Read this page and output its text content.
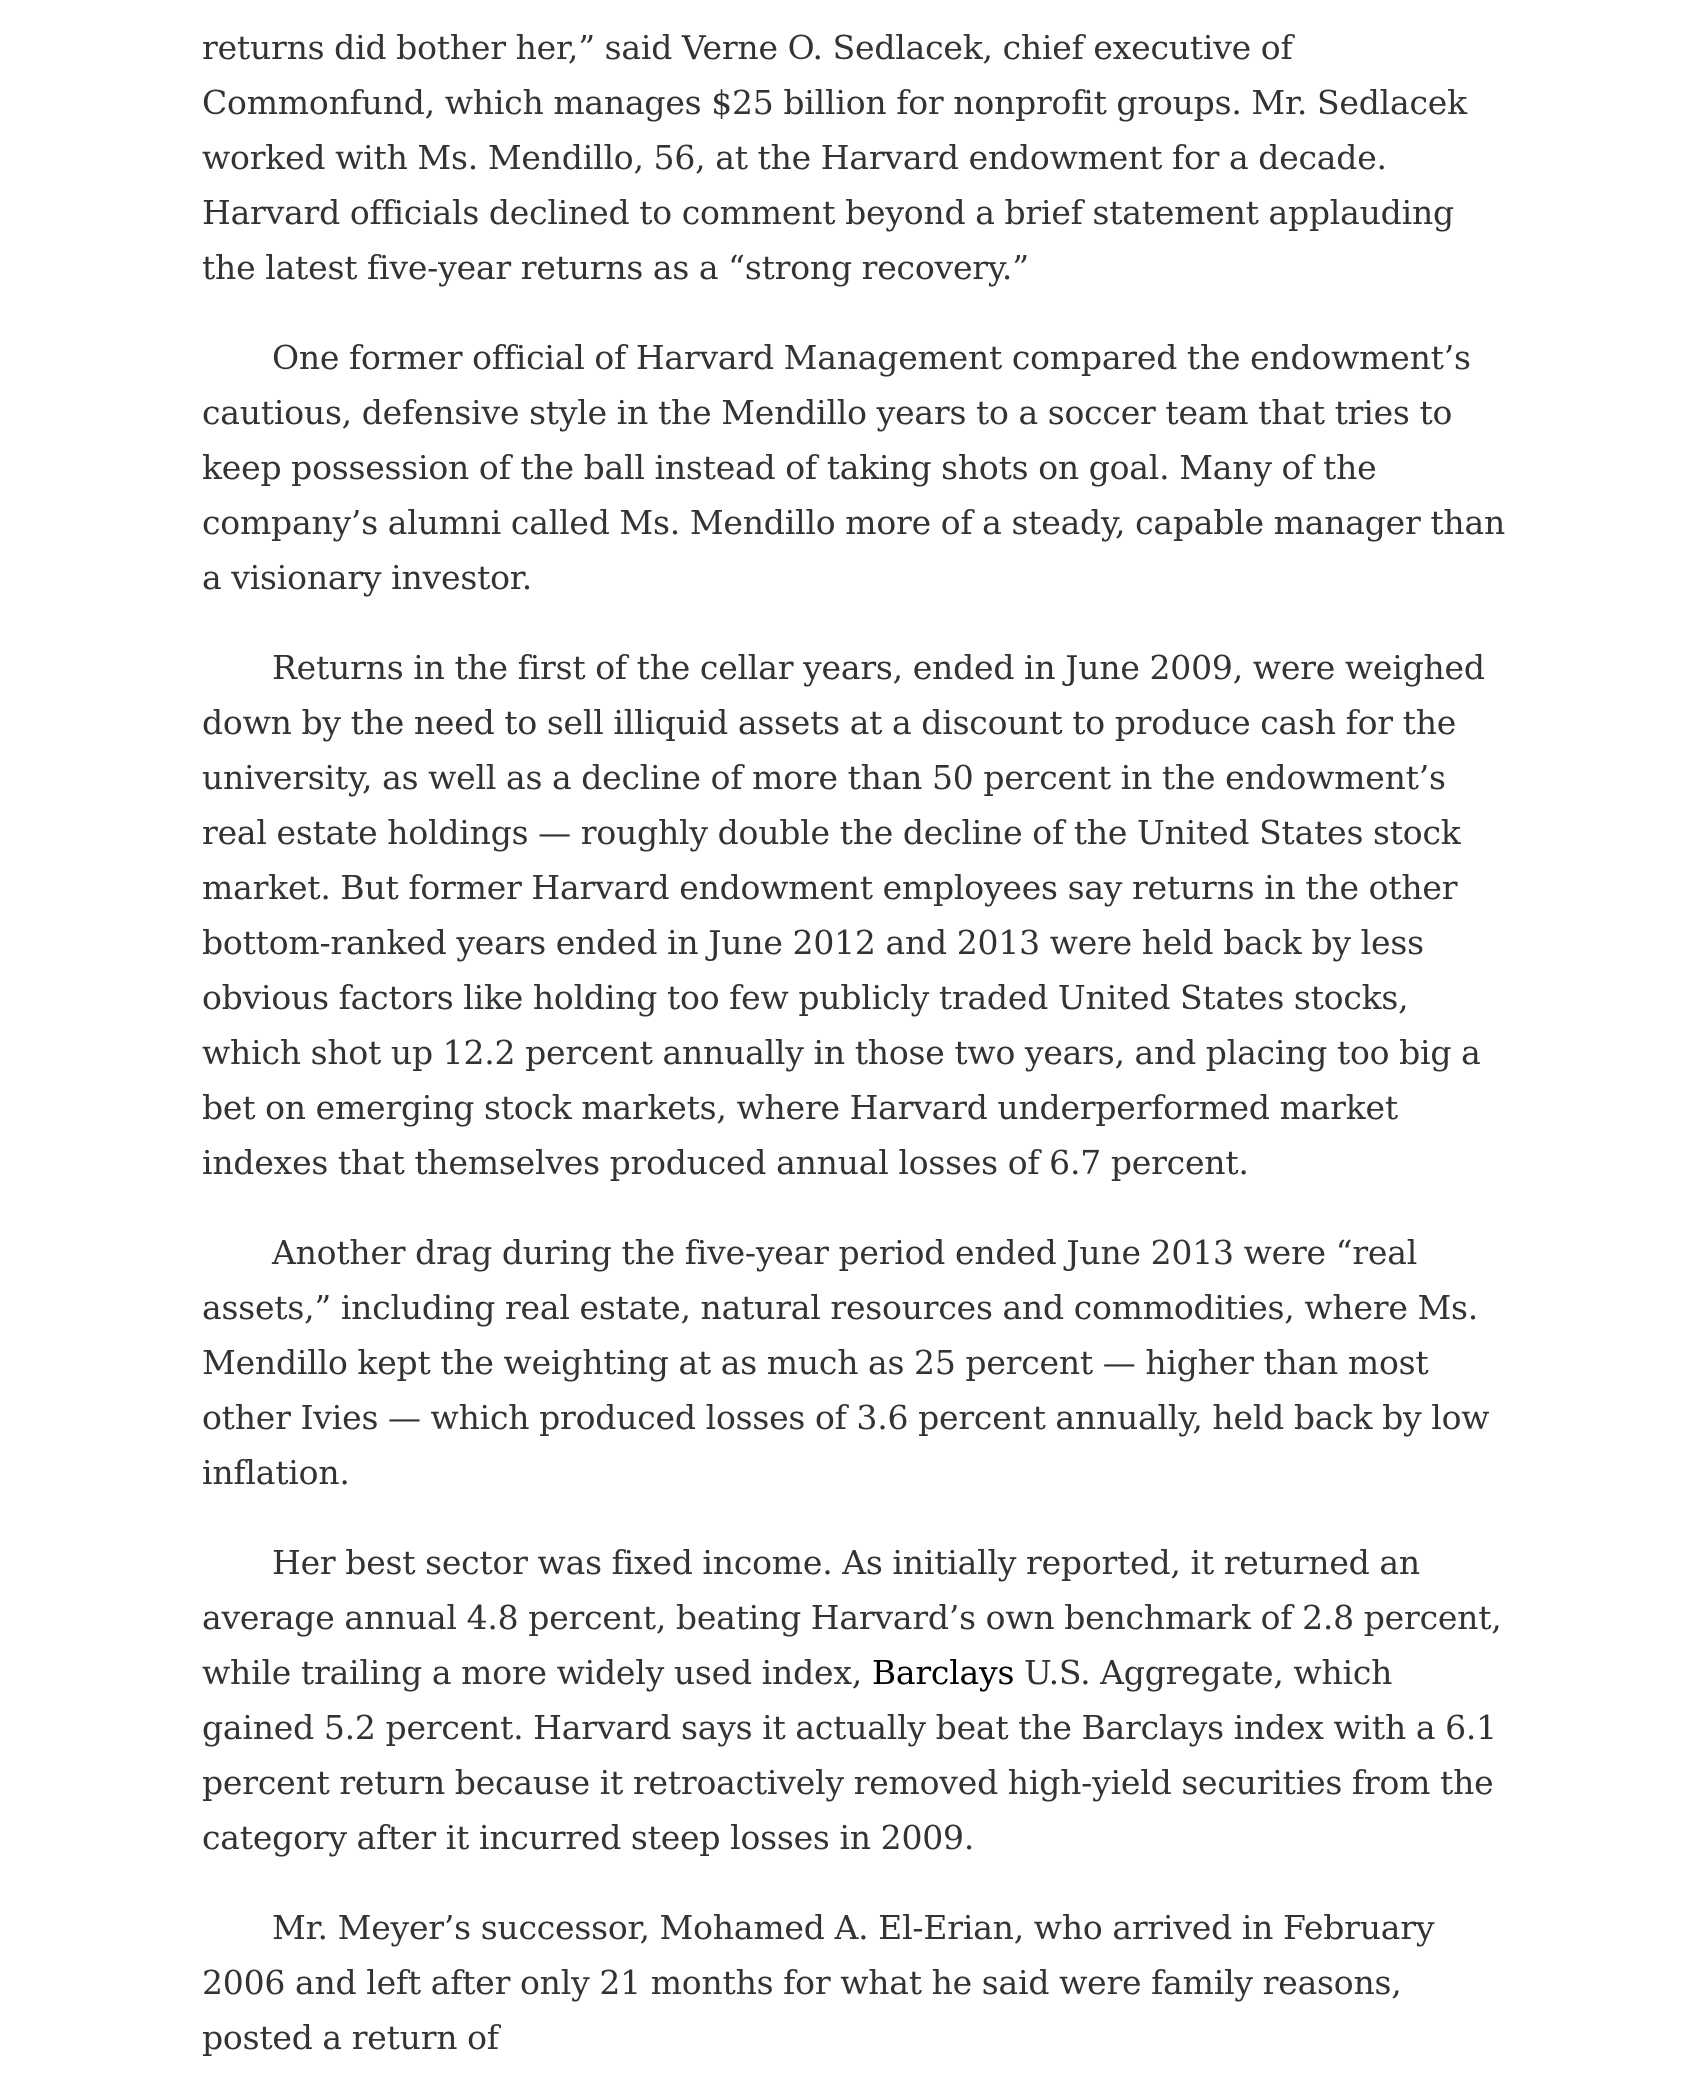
returns did bother her,” said Verne O. Sedlacek, chief executive of Commonfund, which manages $25 billion for nonprofit groups. Mr. Sedlacek worked with Ms. Mendillo, 56, at the Harvard endowment for a decade. Harvard officials declined to comment beyond a brief statement applauding the latest five-year returns as a “strong recovery.”

One former official of Harvard Management compared the endowment’s cautious, defensive style in the Mendillo years to a soccer team that tries to keep possession of the ball instead of taking shots on goal. Many of the company’s alumni called Ms. Mendillo more of a steady, capable manager than a visionary investor.

Returns in the first of the cellar years, ended in June 2009, were weighed down by the need to sell illiquid assets at a discount to produce cash for the university, as well as a decline of more than 50 percent in the endowment’s real estate holdings — roughly double the decline of the United States stock market. But former Harvard endowment employees say returns in the other bottom-ranked years ended in June 2012 and 2013 were held back by less obvious factors like holding too few publicly traded United States stocks, which shot up 12.2 percent annually in those two years, and placing too big a bet on emerging stock markets, where Harvard underperformed market indexes that themselves produced annual losses of 6.7 percent.

Another drag during the five-year period ended June 2013 were “real assets,” including real estate, natural resources and commodities, where Ms. Mendillo kept the weighting at as much as 25 percent — higher than most other Ivies — which produced losses of 3.6 percent annually, held back by low inflation.

Her best sector was fixed income. As initially reported, it returned an average annual 4.8 percent, beating Harvard’s own benchmark of 2.8 percent, while trailing a more widely used index, Barclays U.S. Aggregate, which gained 5.2 percent. Harvard says it actually beat the Barclays index with a 6.1 percent return because it retroactively removed high-yield securities from the category after it incurred steep losses in 2009.

Mr. Meyer’s successor, Mohamed A. El-Erian, who arrived in February 2006 and left after only 21 months for what he said were family reasons, posted a return of
